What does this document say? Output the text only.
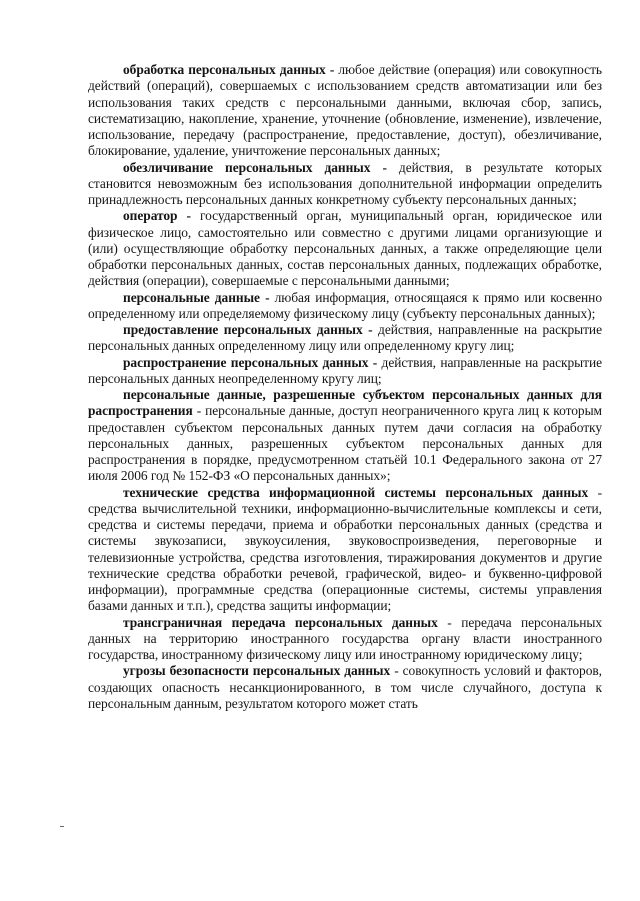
обработка персональных данных - любое действие (операция) или совокупность действий (операций), совершаемых с использованием средств автоматизации или без использования таких средств с персональными данными, включая сбор, запись, систематизацию, накопление, хранение, уточнение (обновление, изменение), извлечение, использование, передачу (распространение, предоставление, доступ), обезличивание, блокирование, удаление, уничтожение персональных данных;

обезличивание персональных данных - действия, в результате которых становится невозможным без использования дополнительной информации определить принадлежность персональных данных конкретному субъекту персональных данных;

оператор - государственный орган, муниципальный орган, юридическое или физическое лицо, самостоятельно или совместно с другими лицами организующие и (или) осуществляющие обработку персональных данных, а также определяющие цели обработки персональных данных, состав персональных данных, подлежащих обработке, действия (операции), совершаемые с персональными данными;

персональные данные - любая информация, относящаяся к прямо или косвенно определенному или определяемому физическому лицу (субъекту персональных данных);

предоставление персональных данных - действия, направленные на раскрытие персональных данных определенному лицу или определенному кругу лиц;

распространение персональных данных - действия, направленные на раскрытие персональных данных неопределенному кругу лиц;

персональные данные, разрешенные субъектом персональных данных для распространения - персональные данные, доступ неограниченного круга лиц к которым предоставлен субъектом персональных данных путем дачи согласия на обработку персональных данных, разрешенных субъектом персональных данных для распространения в порядке, предусмотренном статьёй 10.1 Федерального закона от 27 июля 2006 год № 152-ФЗ «О персональных данных»;

технические средства информационной системы персональных данных - средства вычислительной техники, информационно-вычислительные комплексы и сети, средства и системы передачи, приема и обработки персональных данных (средства и системы звукозаписи, звукоусиления, звуковоспроизведения, переговорные и телевизионные устройства, средства изготовления, тиражирования документов и другие технические средства обработки речевой, графической, видео- и буквенно-цифровой информации), программные средства (операционные системы, системы управления базами данных и т.п.), средства защиты информации;

трансграничная передача персональных данных - передача персональных данных на территорию иностранного государства органу власти иностранного государства, иностранному физическому лицу или иностранному юридическому лицу;

угрозы безопасности персональных данных - совокупность условий и факторов, создающих опасность несанкционированного, в том числе случайного, доступа к персональным данным, результатом которого может стать
